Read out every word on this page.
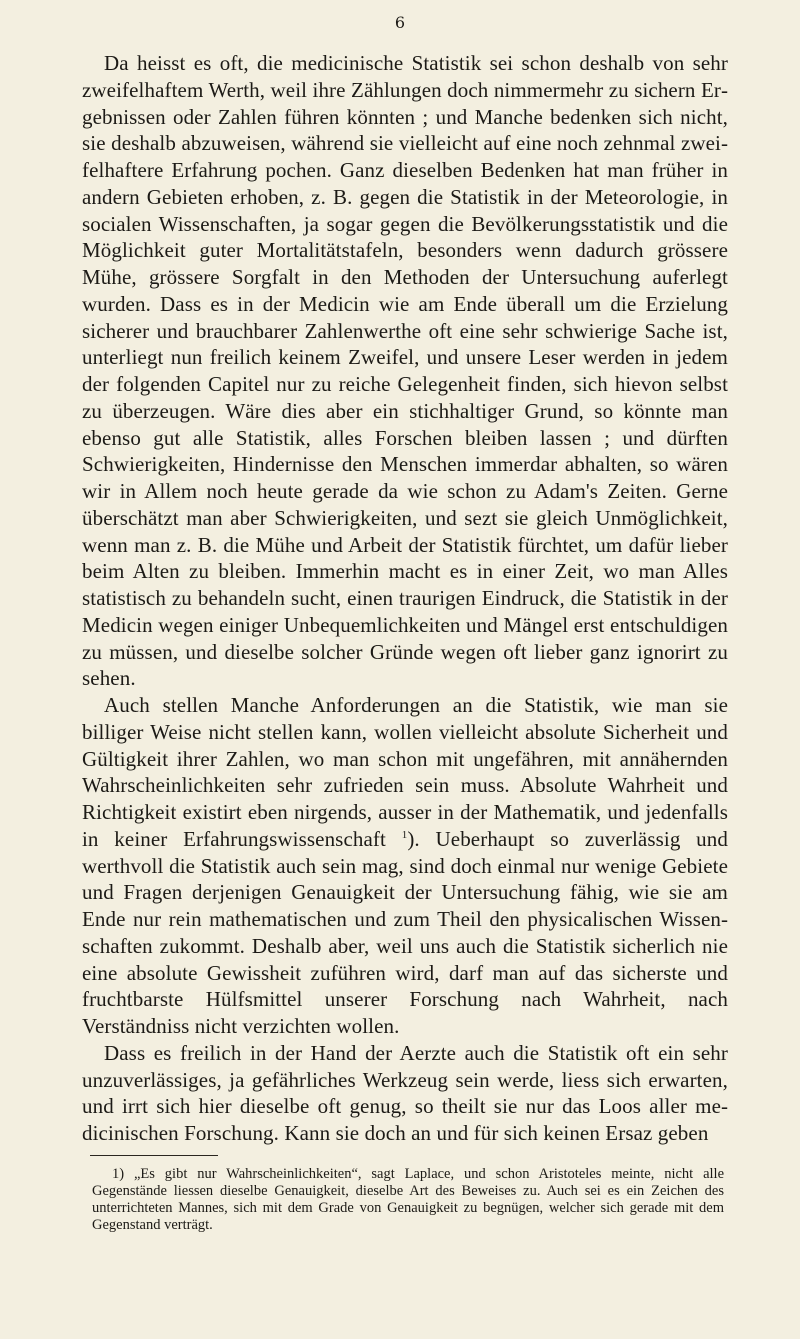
6

Da heisst es oft, die medicinische Statistik sei schon deshalb von sehr zweifelhaftem Werth, weil ihre Zählungen doch nimmermehr zu sichern Ergebnissen oder Zahlen führen könnten ; und Manche bedenken sich nicht, sie deshalb abzuweisen, während sie vielleicht auf eine noch zehnmal zweifelhaftere Erfahrung pochen. Ganz dieselben Bedenken hat man früher in andern Gebieten erhoben, z. B. gegen die Statistik in der Meteorologie, in socialen Wissenschaften, ja sogar gegen die Bevölkerungsstatistik und die Möglichkeit guter Mortalitätstafeln, besonders wenn dadurch grössere Mühe, grössere Sorgfalt in den Methoden der Untersuchung auferlegt wurden. Dass es in der Medicin wie am Ende überall um die Erzielung sicherer und brauchbarer Zahlenwerthe oft eine sehr schwierige Sache ist, unterliegt nun freilich keinem Zweifel, und unsere Leser werden in jedem der folgenden Capitel nur zu reiche Gelegenheit finden, sich hievon selbst zu überzeugen. Wäre dies aber ein stichhaltiger Grund, so könnte man ebenso gut alle Statistik, alles Forschen bleiben lassen ; und dürften Schwierigkeiten, Hindernisse den Menschen immerdar abhalten, so wären wir in Allem noch heute gerade da wie schon zu Adam's Zeiten. Gerne überschätzt man aber Schwierigkeiten, und sezt sie gleich Unmöglichkeit, wenn man z. B. die Mühe und Arbeit der Statistik fürchtet, um dafür lieber beim Alten zu bleiben. Immerhin macht es in einer Zeit, wo man Alles statistisch zu behandeln sucht, einen traurigen Eindruck, die Statistik in der Medicin wegen einiger Unbequemlichkeiten und Mängel erst entschuldigen zu müssen, und dieselbe solcher Gründe wegen oft lieber ganz ignorirt zu sehen.

Auch stellen Manche Anforderungen an die Statistik, wie man sie billiger Weise nicht stellen kann, wollen vielleicht absolute Sicherheit und Gültigkeit ihrer Zahlen, wo man schon mit ungefähren, mit annähernden Wahrscheinlichkeiten sehr zufrieden sein muss. Absolute Wahrheit und Richtigkeit existirt eben nirgends, ausser in der Mathematik, und jedenfalls in keiner Erfahrungswissenschaft $^1$). Ueberhaupt so zuverlässig und werthvoll die Statistik auch sein mag, sind doch einmal nur wenige Gebiete und Fragen derjenigen Genauigkeit der Untersuchung fähig, wie sie am Ende nur rein mathematischen und zum Theil den physicalischen Wissenschaften zukommt. Deshalb aber, weil uns auch die Statistik sicherlich nie eine absolute Gewissheit zuführen wird, darf man auf das sicherste und fruchtbarste Hülfsmittel unserer Forschung nach Wahrheit, nach Verständniss nicht verzichten wollen.

Dass es freilich in der Hand der Aerzte auch die Statistik oft ein sehr unzuverlässiges, ja gefährliches Werkzeug sein werde, liess sich erwarten, und irrt sich hier dieselbe oft genug, so theilt sie nur das Loos aller medicinischen Forschung. Kann sie doch an und für sich keinen Ersaz geben

1) „Es gibt nur Wahrscheinlichkeiten“, sagt Laplace, und schon Aristoteles meinte, nicht alle Gegenstände liessen dieselbe Genauigkeit, dieselbe Art des Beweises zu. Auch sei es ein Zeichen des unterrichteten Mannes, sich mit dem Grade von Genauigkeit zu begnügen, welcher sich gerade mit dem Gegenstand verträgt.
